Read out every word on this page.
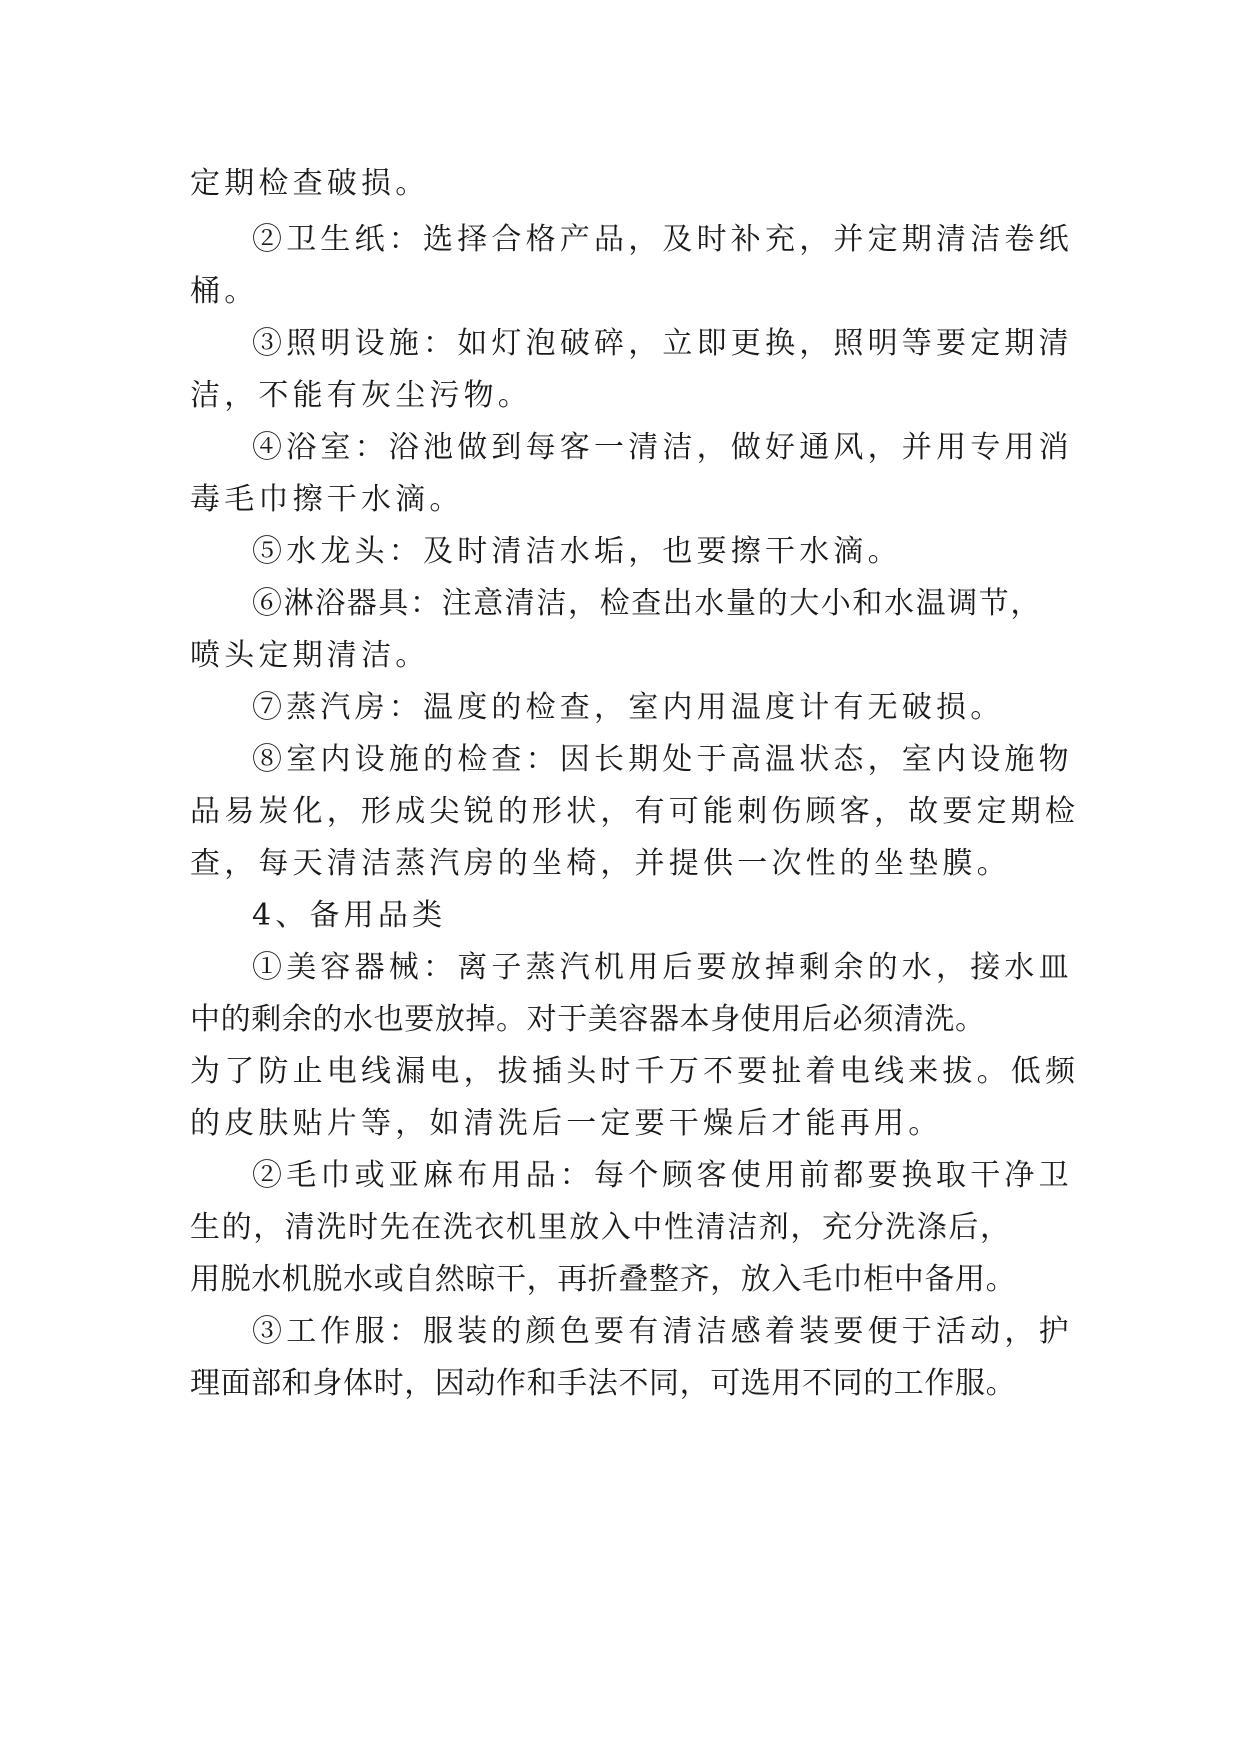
定期检查破损。
②卫生纸：选择合格产品，及时补充，并定期清洁卷纸
桶。
③照明设施：如灯泡破碎，立即更换，照明等要定期清
洁，不能有灰尘污物。
④浴室：浴池做到每客一清洁，做好通风，并用专用消
毒毛巾擦干水滴。
⑤水龙头：及时清洁水垢，也要擦干水滴。
⑥淋浴器具：注意清洁，检查出水量的大小和水温调节，
喷头定期清洁。
⑦蒸汽房：温度的检查，室内用温度计有无破损。
⑧室内设施的检查：因长期处于高温状态，室内设施物
品易炭化，形成尖锐的形状，有可能刺伤顾客，故要定期检
查，每天清洁蒸汽房的坐椅，并提供一次性的坐垫膜。
4、备用品类
①美容器械：离子蒸汽机用后要放掉剩余的水，接水皿
中的剩余的水也要放掉。对于美容器本身使用后必须清洗。
为了防止电线漏电，拔插头时千万不要扯着电线来拔。低频
的皮肤贴片等，如清洗后一定要干燥后才能再用。
②毛巾或亚麻布用品：每个顾客使用前都要换取干净卫
生的，清洗时先在洗衣机里放入中性清洁剂，充分洗涤后，
用脱水机脱水或自然晾干，再折叠整齐，放入毛巾柜中备用。
③工作服：服装的颜色要有清洁感着装要便于活动，护
理面部和身体时，因动作和手法不同，可选用不同的工作服。
